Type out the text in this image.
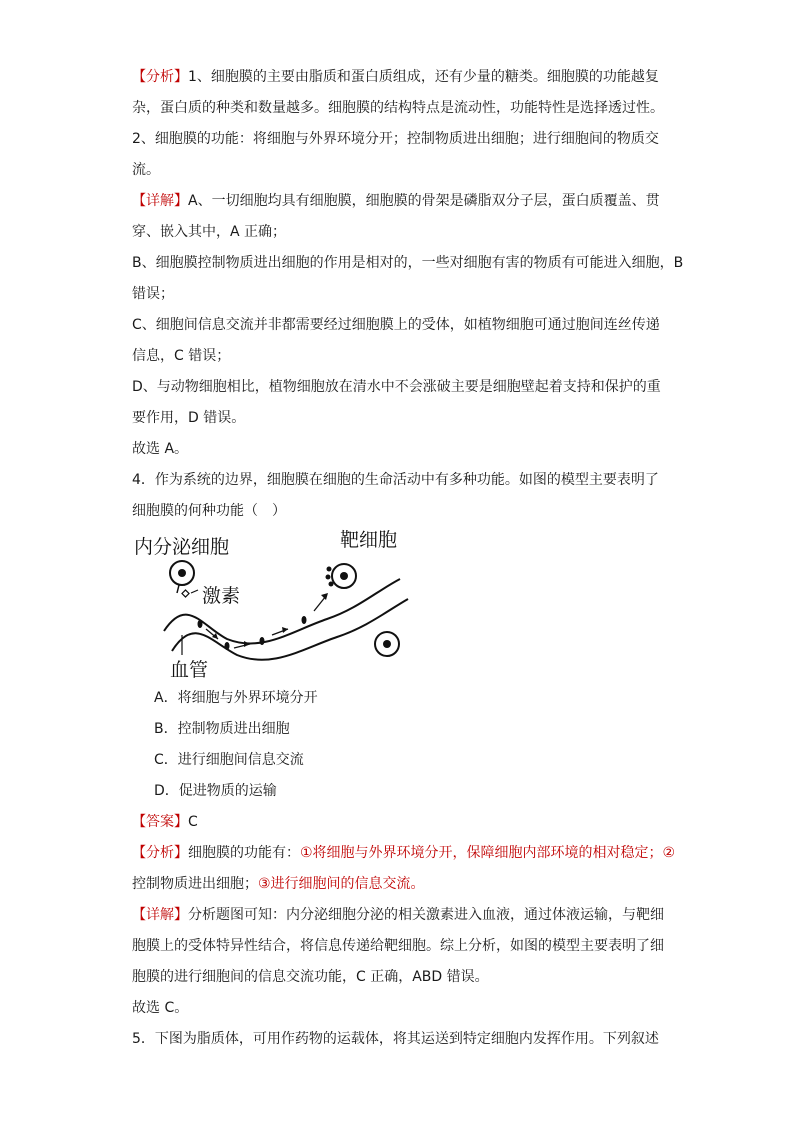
【分析】1、细胞膜的主要由脂质和蛋白质组成，还有少量的糖类。细胞膜的功能越复
杂，蛋白质的种类和数量越多。细胞膜的结构特点是流动性，功能特性是选择透过性。
2、细胞膜的功能：将细胞与外界环境分开；控制物质进出细胞；进行细胞间的物质交
流。
【详解】A、一切细胞均具有细胞膜，细胞膜的骨架是磷脂双分子层，蛋白质覆盖、贯
穿、嵌入其中，A 正确；
B、细胞膜控制物质进出细胞的作用是相对的，一些对细胞有害的物质有可能进入细胞，B
错误；
C、细胞间信息交流并非都需要经过细胞膜上的受体，如植物细胞可通过胞间连丝传递
信息，C 错误；
D、与动物细胞相比，植物细胞放在清水中不会涨破主要是细胞壁起着支持和保护的重
要作用，D 错误。
故选 A。
4．作为系统的边界，细胞膜在细胞的生命活动中有多种功能。如图的模型主要表明了
细胞膜的何种功能（　）
内分泌细胞	靶细胞
激素
血管
A．将细胞与外界环境分开
B．控制物质进出细胞
C．进行细胞间信息交流
D．促进物质的运输
【答案】C
【分析】细胞膜的功能有：①将细胞与外界环境分开，保障细胞内部环境的相对稳定；②
控制物质进出细胞；③进行细胞间的信息交流。
【详解】分析题图可知：内分泌细胞分泌的相关激素进入血液，通过体液运输，与靶细
胞膜上的受体特异性结合，将信息传递给靶细胞。综上分析，如图的模型主要表明了细
胞膜的进行细胞间的信息交流功能，C 正确，ABD 错误。
故选 C。
5．下图为脂质体，可用作药物的运载体，将其运送到特定细胞内发挥作用。下列叙述
